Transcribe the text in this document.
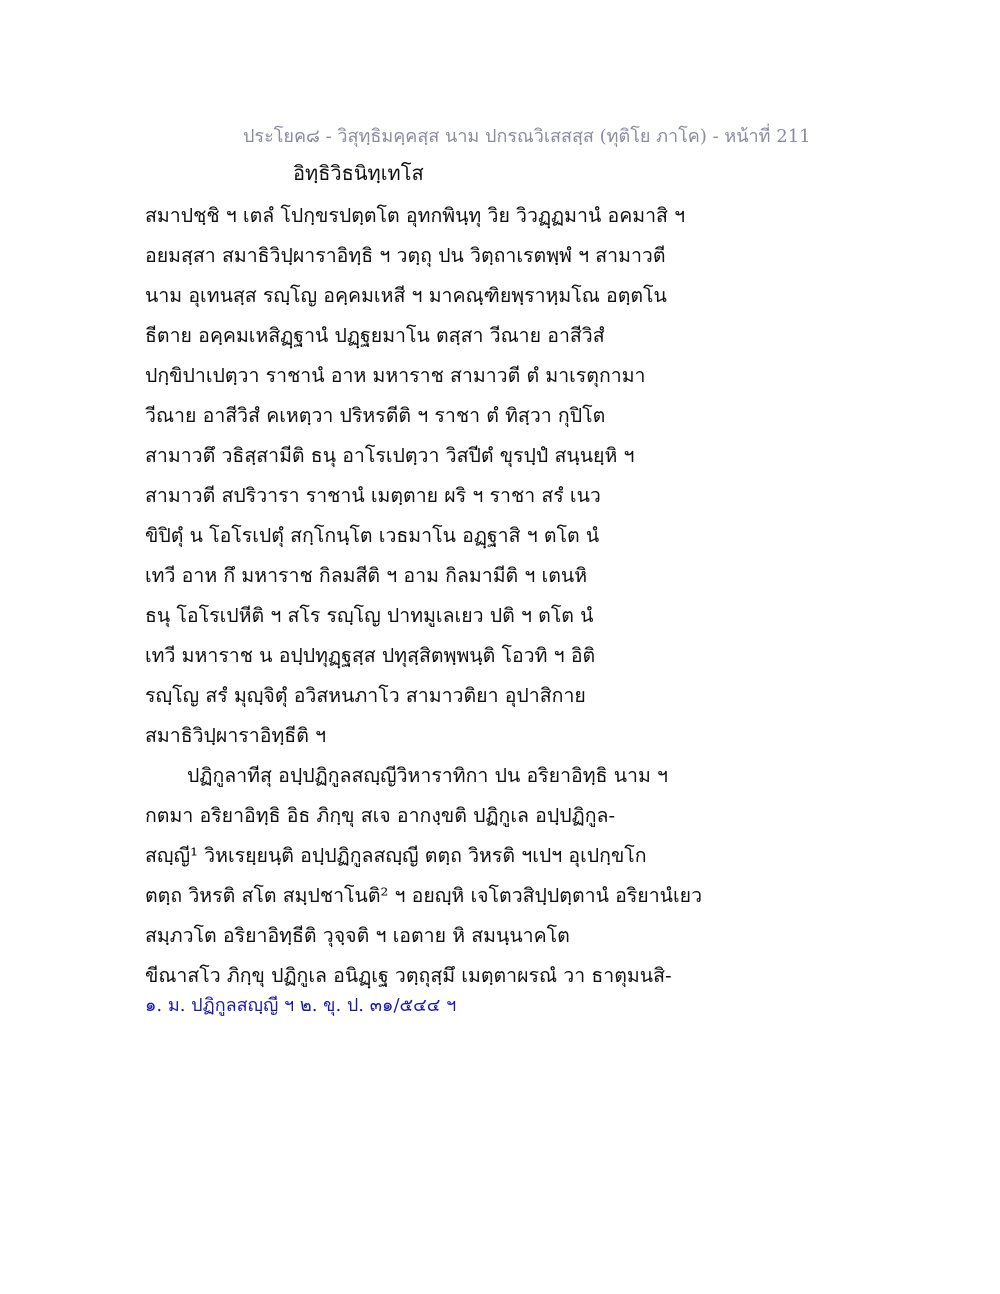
ประโยค๘ - วิสุทฺธิมคฺคสฺส นาม ปกรณวิเสสสฺส (ทุติโย ภาโค) - หน้าที่ 211
อิทฺธิวิธนิทฺเทโส
สมาปชฺชิ ฯ เตลํ โปกฺขรปตฺตโต อุทกพินฺทุ วิย วิวฏฺฏมานํ อคมาสิ ฯ
อยมสฺสา สมาธิวิปฺผาราอิทฺธิ ฯ วตฺถุ ปน วิตฺถาเรตพฺพํ ฯ สามาวตี
นาม อุเทนสฺส รญฺโญ อคฺคมเหสี ฯ มาคณฺฑิยพฺราหฺมโณ อตฺตโน
ธีตาย อคฺคมเหสิฏฺฐานํ ปฏฺฐยมาโน ตสฺสา วีณาย อาสีวิสํ
ปกฺขิปาเปตฺวา ราชานํ อาห มหาราช สามาวตี ตํ มาเรตุกามา
วีณาย อาสีวิสํ คเหตฺวา ปริหรตีติ ฯ ราชา ตํ ทิสฺวา กุปิโต
สามาวตึ วธิสฺสามีติ ธนุ อาโรเปตฺวา วิสปีตํ ขุรปฺปํ สนฺนยฺหิ ฯ
สามาวตี สปริวารา ราชานํ เมตฺตาย ผริ ฯ ราชา สรํ เนว
ขิปิตุํ น โอโรเปตุํ สกฺโกนฺโต เวธมาโน อฏฺฐาสิ ฯ ตโต นํ
เทวี อาห กึ มหาราช กิลมสีติ ฯ อาม กิลมามีติ ฯ เตนหิ
ธนุ โอโรเปหีติ ฯ สโร รญฺโญ ปาทมูเลเยว ปติ ฯ ตโต นํ
เทวี มหาราช น อปฺปทุฏฺฐสฺส ปทุสฺสิตพฺพนฺติ โอวทิ ฯ อิติ
รญฺโญ สรํ มุญฺจิตุํ อวิสหนภาโว สามาวติยา อุปาสิกาย
สมาธิวิปฺผาราอิทฺธีติ ฯ
ปฏิกูลาทีสุ อปฺปฏิกูลสญฺญีวิหาราทิกา ปน อริยาอิทฺธิ นาม ฯ
กตมา อริยาอิทฺธิ อิธ ภิกฺขุ สเจ อากงฺขติ ปฏิกูเล อปฺปฏิกูล-
สญฺญี¹ วิหเรยฺยนฺติ อปฺปฏิกูลสญฺญี ตตฺถ วิหรติ ฯเปฯ อุเปกฺขโก
ตตฺถ วิหรติ สโต สมฺปชาโนติ² ฯ อยญฺหิ เจโตวสิปฺปตฺตานํ อริยานํเยว
สมฺภวโต อริยาอิทฺธีติ วุจฺจติ ฯ เอตาย หิ สมนฺนาคโต
ขีณาสโว ภิกฺขุ ปฏิกูเล อนิฏฺเฐ วตฺถุสฺมึ เมตฺตาผรณํ วา ธาตุมนสิ-
๑. ม. ปฏิกูลสญฺญี ฯ ๒. ขุ. ป. ๓๑/๕๔๔ ฯ
